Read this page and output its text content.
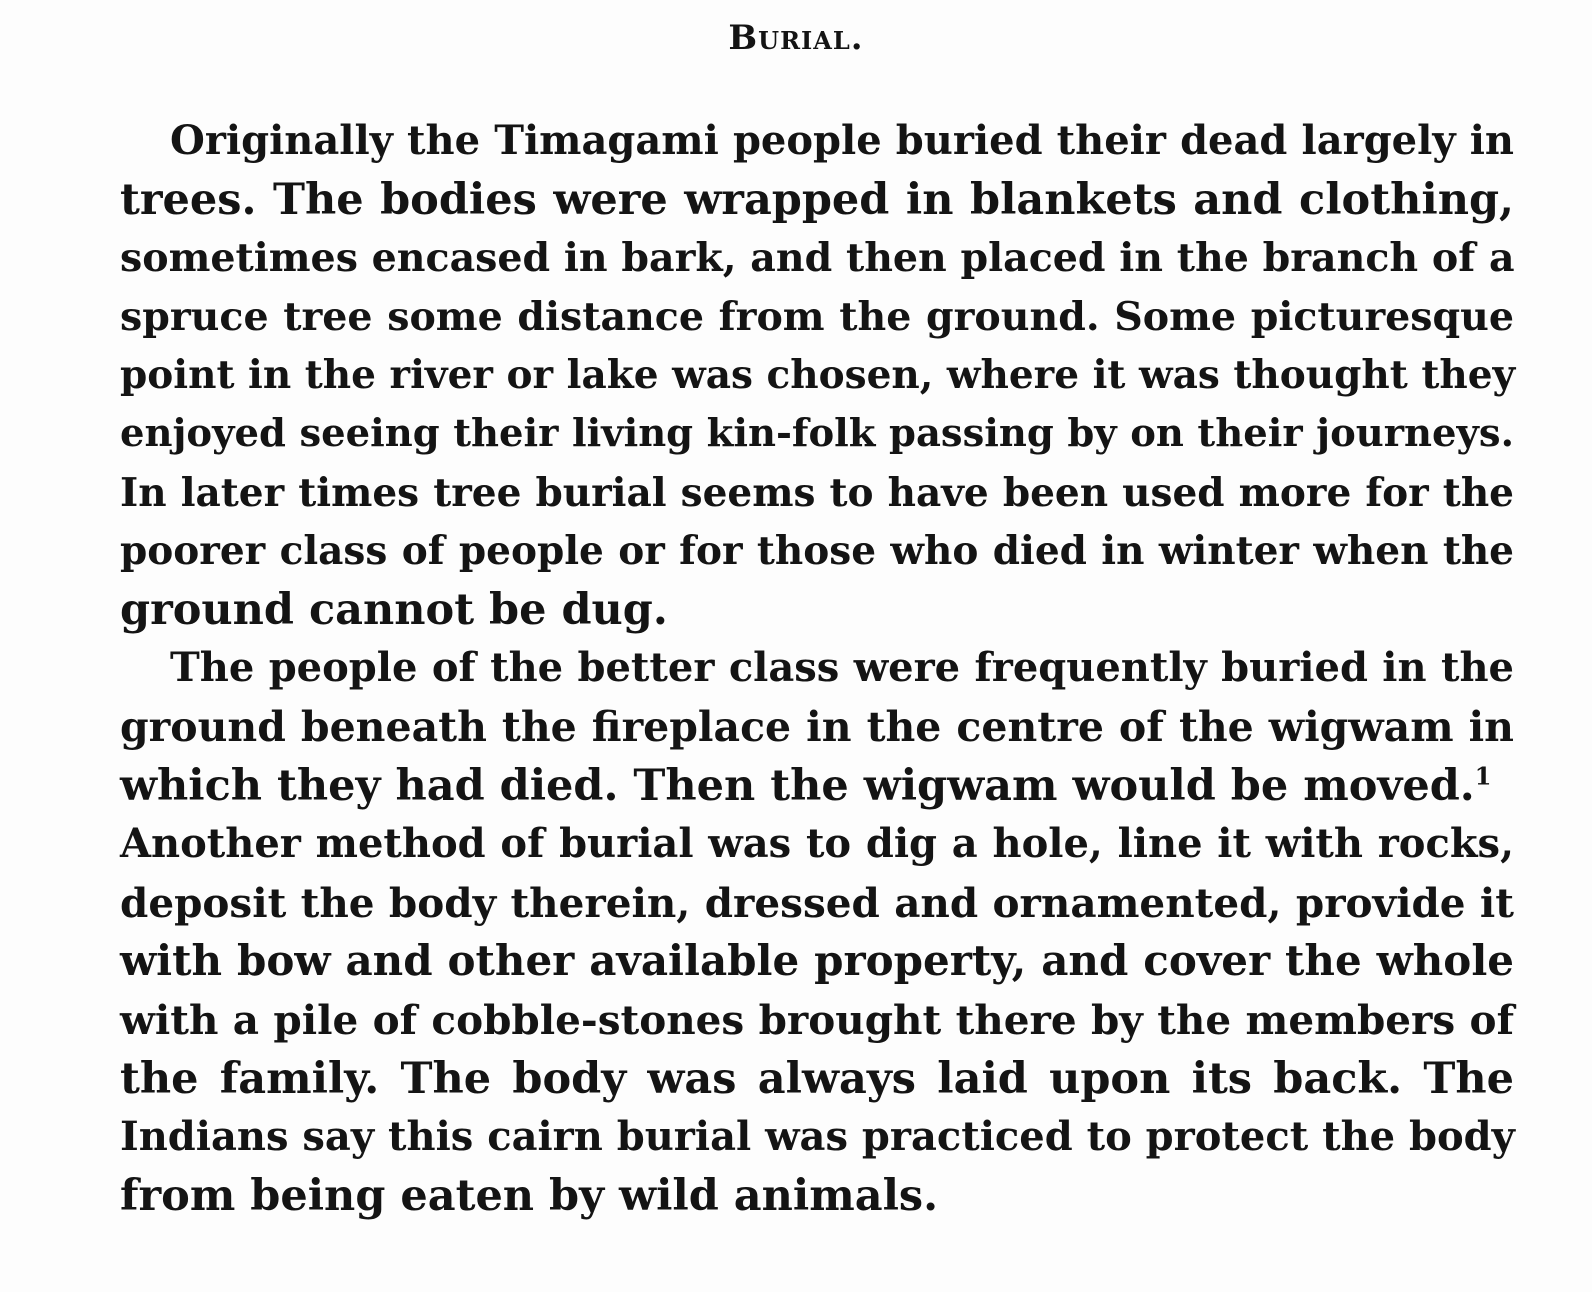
Burial.
Originally the Timagami people buried their dead largely in
trees. The bodies were wrapped in blankets and clothing,
sometimes encased in bark, and then placed in the branch of a
spruce tree some distance from the ground. Some picturesque
point in the river or lake was chosen, where it was thought they
enjoyed seeing their living kin-folk passing by on their journeys.
In later times tree burial seems to have been used more for the
poorer class of people or for those who died in winter when the
ground cannot be dug.
The people of the better class were frequently buried in the
ground beneath the fireplace in the centre of the wigwam in
which they had died. Then the wigwam would be moved.$^1$
Another method of burial was to dig a hole, line it with rocks,
deposit the body therein, dressed and ornamented, provide it
with bow and other available property, and cover the whole
with a pile of cobble-stones brought there by the members of
the family. The body was always laid upon its back. The
Indians say this cairn burial was practiced to protect the body
from being eaten by wild animals.
